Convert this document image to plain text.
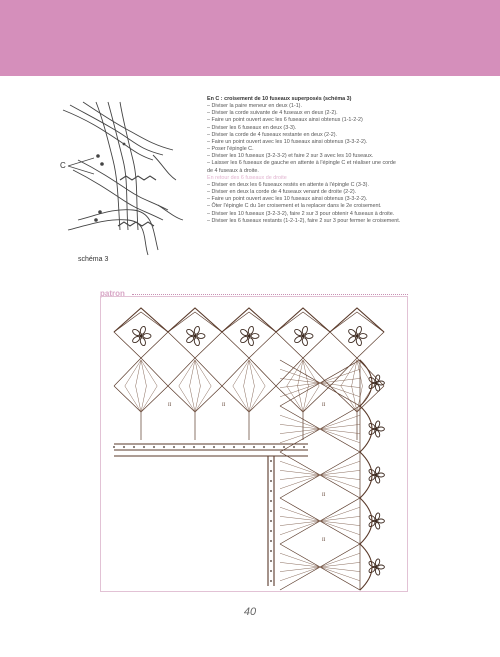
C
schéma 3
En C : croisement de 10 fuseaux superposés (schéma 3)
– Diviser la paire meneur en deux (1-1).
– Diviser la corde suivante de 4 fuseaux en deux (2-2).
– Faire un point ouvert avec les 6 fuseaux ainsi obtenus (1-1-2-2)
– Diviser les 6 fuseaux en deux (3-3).
– Diviser la corde de 4 fuseaux restante en deux (2-2).
– Faire un point ouvert avec les 10 fuseaux ainsi obtenus (3-3-2-2).
– Poser l'épingle C.
– Diviser les 10 fuseaux (3-2-3-2) et faire 2 sur 3 avec les 10 fuseaux.
– Laisser les 6 fuseaux de gauche en attente à l'épingle C et réaliser une corde
de 4 fuseaux à droite.
En retour des 6 fuseaux de droite
– Diviser en deux les 6 fuseaux restés en attente à l'épingle C (3-3).
– Diviser en deux la corde de 4 fuseaux venant de droite (2-2).
– Faire un point ouvert avec les 10 fuseaux ainsi obtenus (3-3-2-2).
– Ôter l'épingle C du 1er croisement et la replacer dans le 2e croisement.
– Diviser les 10 fuseaux (3-2-3-2), faire 2 sur 3 pour obtenir 4 fuseaux à droite.
– Diviser les 6 fuseaux restants (1-2-1-2), faire 2 sur 3 pour fermer le croisement.
patron
II	II	II
II
II
40
